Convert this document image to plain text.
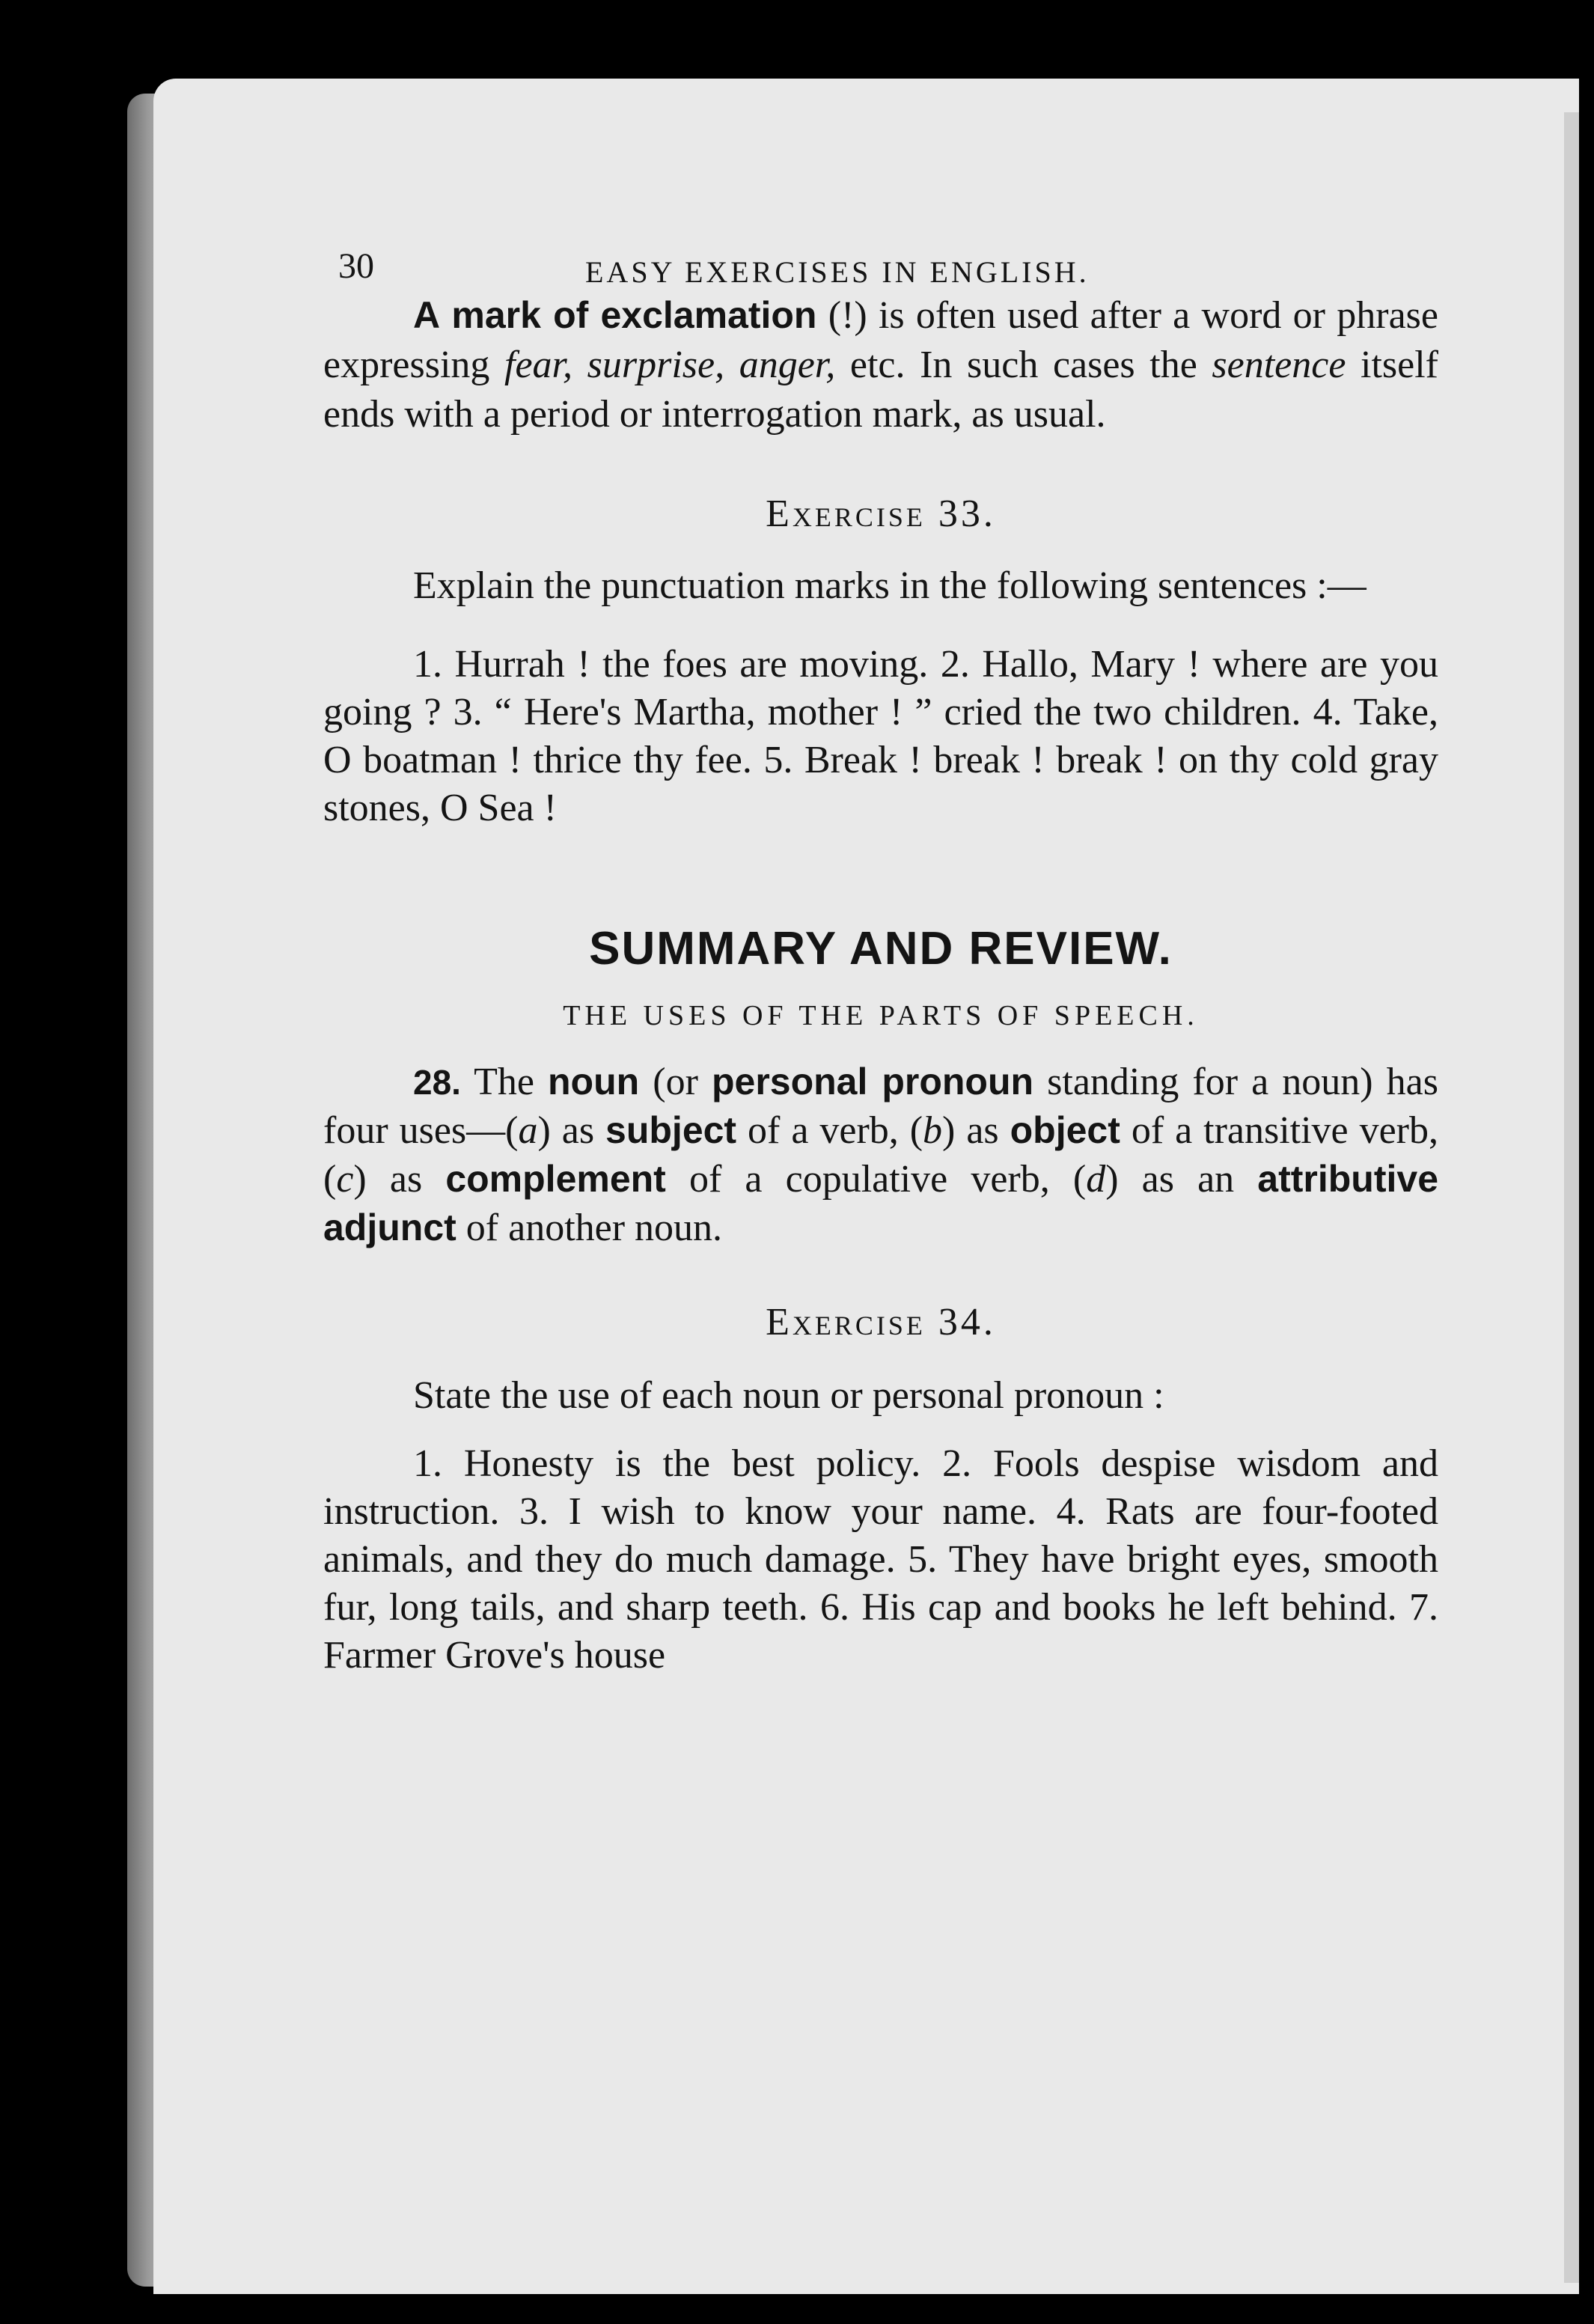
30	EASY EXERCISES IN ENGLISH.

A mark of exclamation (!) is often used after a word or phrase expressing fear, surprise, anger, etc. In such cases the sentence itself ends with a period or interrogation mark, as usual.

Exercise 33.

Explain the punctuation marks in the following sentences :—

1. Hurrah ! the foes are moving. 2. Hallo, Mary ! where are you going ? 3. “ Here's Martha, mother ! ” cried the two children. 4. Take, O boatman ! thrice thy fee. 5. Break ! break ! break ! on thy cold gray stones, O Sea !

SUMMARY AND REVIEW.

THE USES OF THE PARTS OF SPEECH.

28. The noun (or personal pronoun standing for a noun) has four uses—(a) as subject of a verb, (b) as object of a transitive verb, (c) as complement of a copulative verb, (d) as an attributive adjunct of another noun.

Exercise 34.

State the use of each noun or personal pronoun :

1. Honesty is the best policy. 2. Fools despise wisdom and instruction. 3. I wish to know your name. 4. Rats are four-footed animals, and they do much damage. 5. They have bright eyes, smooth fur, long tails, and sharp teeth. 6. His cap and books he left behind. 7. Farmer Grove's house
